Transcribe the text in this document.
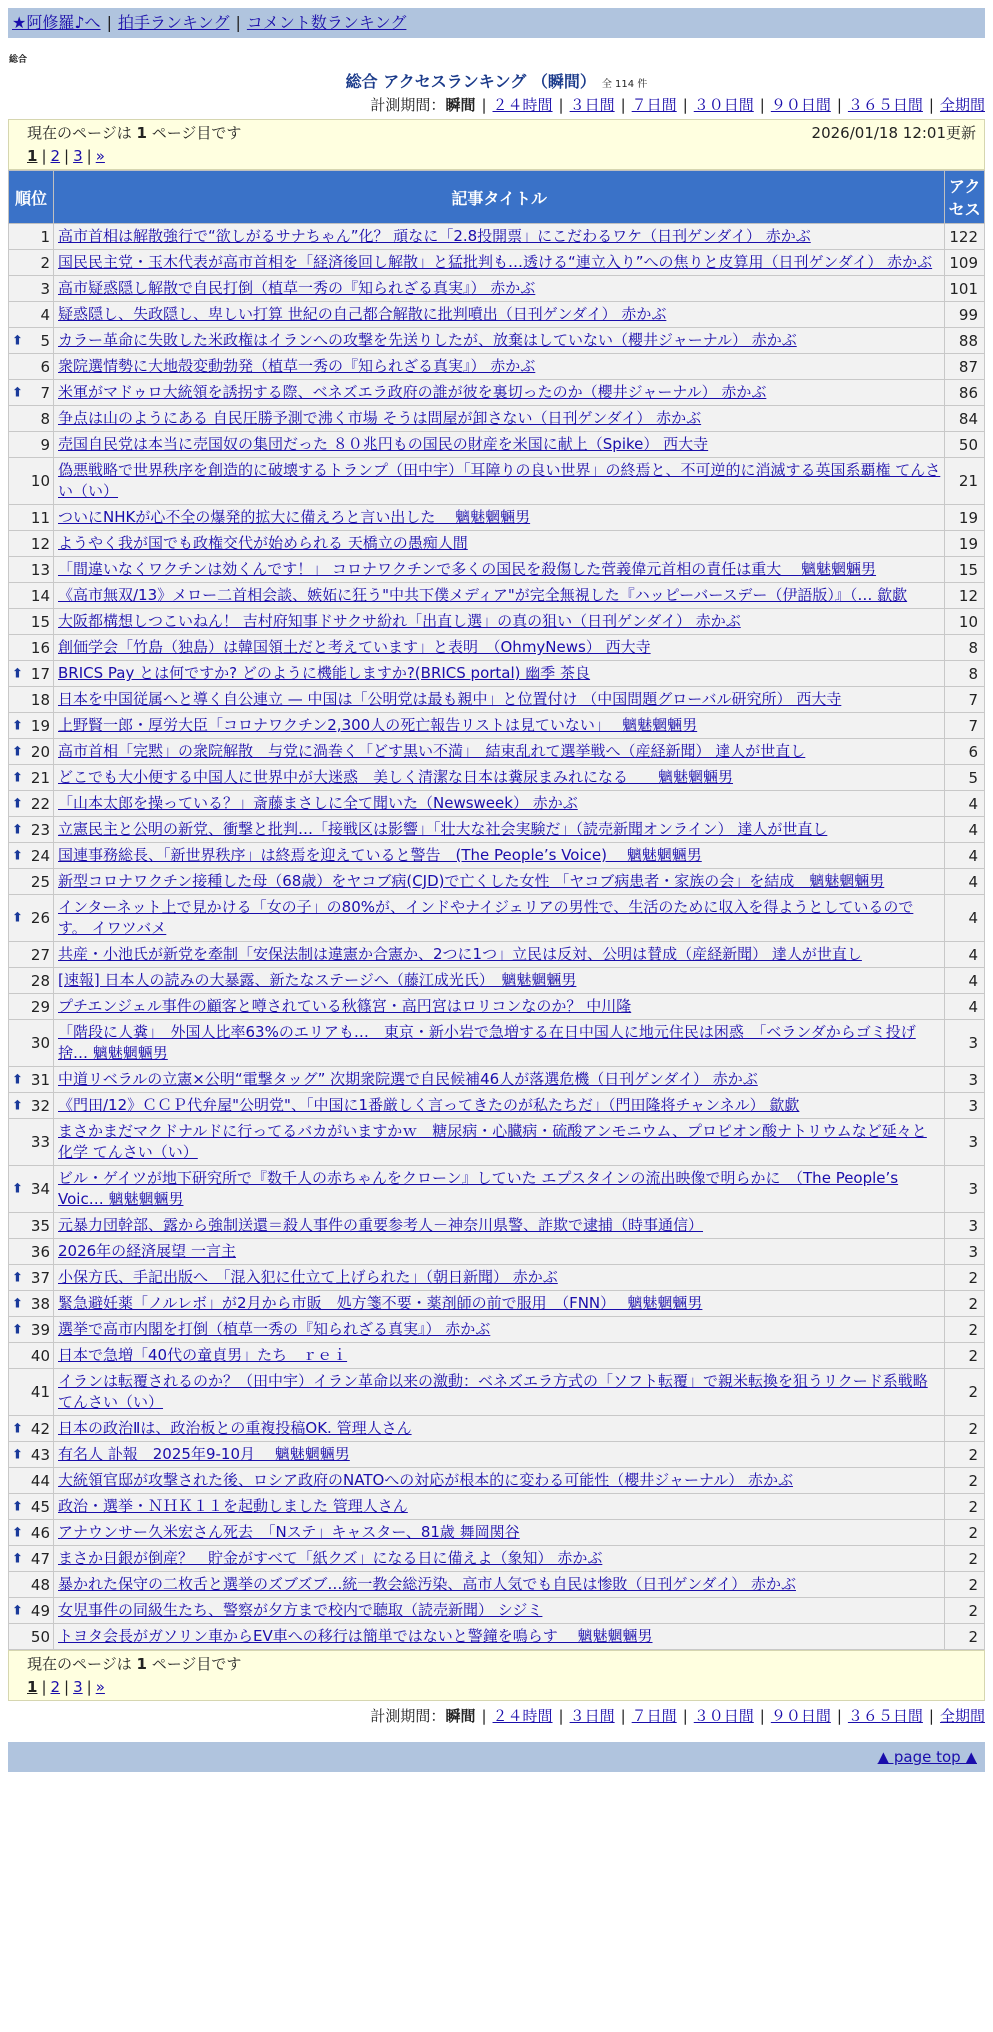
★阿修羅♪へ | 拍手ランキング | コメント数ランキング
総合
総合 アクセスランキング （瞬間） 全 114 件
計測期間：瞬間 | ２４時間 | ３日間 | ７日間 | ３０日間 | ９０日間 | ３６５日間 | 全期間
現在のページは 1 ページ目です	2026/01/18 12:01更新
1 | 2 | 3 | »
順位	記事タイトル	アクセス
1	高市首相は解散強行で“欲しがるサナちゃん”化？ 頑なに「2.8投開票」にこだわるワケ（日刊ゲンダイ） 赤かぶ	122
2	国民民主党・玉木代表が高市首相を「経済後回し解散」と猛批判も…透ける“連立入り”への焦りと皮算用（日刊ゲンダイ） 赤かぶ	109
3	高市疑惑隠し解散で自民打倒（植草一秀の『知られざる真実』） 赤かぶ	101
4	疑惑隠し、失政隠し、卑しい打算 世紀の自己都合解散に批判噴出（日刊ゲンダイ） 赤かぶ	99

⬆ 5	カラー革命に失敗した米政権はイランへの攻撃を先送りしたが、放棄はしていない（櫻井ジャーナル） 赤かぶ	88
6	衆院選情勢に大地殻変動勃発（植草一秀の『知られざる真実』） 赤かぶ	87

⬆ 7	米軍がマドゥロ大統領を誘拐する際、ベネズエラ政府の誰が彼を裏切ったのか（櫻井ジャーナル） 赤かぶ	86
8	争点は山のようにある 自民圧勝予測で沸く市場 そうは問屋が卸さない（日刊ゲンダイ） 赤かぶ	84
9	売国自民党は本当に売国奴の集団だった ８０兆円もの国民の財産を米国に献上（Spike） 西大寺	50
10	偽悪戦略で世界秩序を創造的に破壊するトランプ（田中宇）「耳障りの良い世界」の終焉と、不可逆的に消滅する英国系覇権 てんさい（い）	21
11	ついにNHKが心不全の爆発的拡大に備えろと言い出した　 魑魅魍魎男	19
12	ようやく我が国でも政権交代が始められる 天橋立の愚痴人間	19
13	「間違いなくワクチンは効くんです！」 コロナワクチンで多くの国民を殺傷した菅義偉元首相の責任は重大　 魑魅魍魎男	15
14	《高市無双/13》メロー二首相会談、嫉妬に狂う"中共下僕メディア"が完全無視した『ハッピーバースデー（伊語版）』（… 歙歔	12
15	大阪都構想しつこいねん！ 吉村府知事ドサクサ紛れ「出直し選」の真の狙い（日刊ゲンダイ） 赤かぶ	10
16	創価学会「竹島（独島）は韓国領土だと考えています」と表明　（OhmyNews） 西大寺	8

⬆ 17	BRICS Pay とは何ですか? どのように機能しますか?(BRICS portal) 幽季 茶良	8
18	日本を中国従属へと導く自公連立 — 中国は「公明党は最も親中」と位置付け （中国問題グローバル研究所） 西大寺	7

⬆ 19	上野賢一郎・厚労大臣「コロナワクチン2,300人の死亡報告リストは見ていない」　 魑魅魍魎男	7

⬆ 20	高市首相「完黙」の衆院解散　与党に渦巻く「どす黒い不満」　結束乱れて選挙戦へ（産経新聞） 達人が世直し	6

⬆ 21	どこでも大小便する中国人に世界中が大迷惑　美しく清潔な日本は糞尿まみれになる　　魑魅魍魎男	5

⬆ 22	「山本太郎を操っている？」斎藤まさしに全て聞いた（Newsweek） 赤かぶ	4

⬆ 23	立憲民主と公明の新党、衝撃と批判…「接戦区は影響」「壮大な社会実験だ」（読売新聞オンライン） 達人が世直し	4

⬆ 24	国連事務総長、「新世界秩序」は終焉を迎えていると警告　(The People’s Voice)　 魑魅魍魎男	4
25	新型コロナワクチン接種した母（68歳）をヤコブ病(CJD)で亡くした女性 「ヤコブ病患者・家族の会」を結成　魑魅魍魎男	4

⬆ 26	インターネット上で見かける「女の子」の80%が、インドやナイジェリアの男性で、生活のために収入を得ようとしているのです。 イワツバメ	4
27	共産・小池氏が新党を牽制「安保法制は違憲か合憲か、2つに1つ」立民は反対、公明は賛成（産経新聞） 達人が世直し	4
28	[速報] 日本人の読みの大暴露、新たなステージへ（藤江成光氏）　魑魅魍魎男	4
29	プチエンジェル事件の顧客と噂されている秋篠宮・高円宮はロリコンなのか？ 中川隆	4
30	「階段に人糞」　外国人比率63%のエリアも…　東京・新小岩で急増する在日中国人に地元住民は困惑　「ベランダからゴミ投げ捨… 魑魅魍魎男	3

⬆ 31	中道リベラルの立憲×公明“電撃タッグ” 次期衆院選で自民候補46人が落選危機（日刊ゲンダイ） 赤かぶ	3

⬆ 32	《門田/12》ＣＣＰ代弁屋"公明党"、「中国に1番厳しく言ってきたのが私たちだ」（門田隆将チャンネル） 歙歔	3
33	まさかまだマクドナルドに行ってるバカがいますかｗ　糖尿病・心臓病・硫酸アンモニウム、プロピオン酸ナトリウムなど延々と化学 てんさい（い）	3

⬆ 34	ビル・ゲイツが地下研究所で『数千人の赤ちゃんをクローン』していた エプスタインの流出映像で明らかに　（The People’s Voic… 魑魅魍魎男	3
35	元暴力団幹部、露から強制送還＝殺人事件の重要参考人－神奈川県警、詐欺で逮捕（時事通信）	3
36	2026年の経済展望 一言主	3

⬆ 37	小保方氏、手記出版へ　「混入犯に仕立て上げられた」（朝日新聞） 赤かぶ	2

⬆ 38	緊急避妊薬「ノルレボ」が2月から市販　処方箋不要・薬剤師の前で服用　（FNN）　 魑魅魍魎男	2

⬆ 39	選挙で高市内閣を打倒（植草一秀の『知られざる真実』） 赤かぶ	2
40	日本で急増「40代の童貞男」たち　ｒｅｉ	2
41	イランは転覆されるのか？（田中宇）イラン革命以来の激動：ベネズエラ方式の「ソフト転覆」で親米転換を狙うリクード系戦略 てんさい（い）	2

⬆ 42	日本の政治Ⅱは、政治板との重複投稿OK. 管理人さん	2

⬆ 43	有名人 訃報　2025年9-10月　 魑魅魍魎男	2
44	大統領官邸が攻撃された後、ロシア政府のNATOへの対応が根本的に変わる可能性（櫻井ジャーナル） 赤かぶ	2

⬆ 45	政治・選挙・ＮＨＫ１１を起動しました 管理人さん	2

⬆ 46	アナウンサー久米宏さん死去　「Nステ」キャスター、81歳 舞岡関谷	2

⬆ 47	まさか日銀が倒産？　貯金がすべて「紙クズ」になる日に備えよ（象知） 赤かぶ	2
48	暴かれた保守の二枚舌と選挙のズブズブ…統一教会総汚染、高市人気でも自民は惨敗（日刊ゲンダイ） 赤かぶ	2

⬆ 49	女児事件の同級生たち、警察が夕方まで校内で聴取（読売新聞） シジミ	2
50	トヨタ会長がガソリン車からEV車への移行は簡単ではないと警鐘を鳴らす　 魑魅魍魎男	2
現在のページは 1 ページ目です
1 | 2 | 3 | »
計測期間：瞬間 | ２４時間 | ３日間 | ７日間 | ３０日間 | ９０日間 | ３６５日間 | 全期間
▲ page top ▲
